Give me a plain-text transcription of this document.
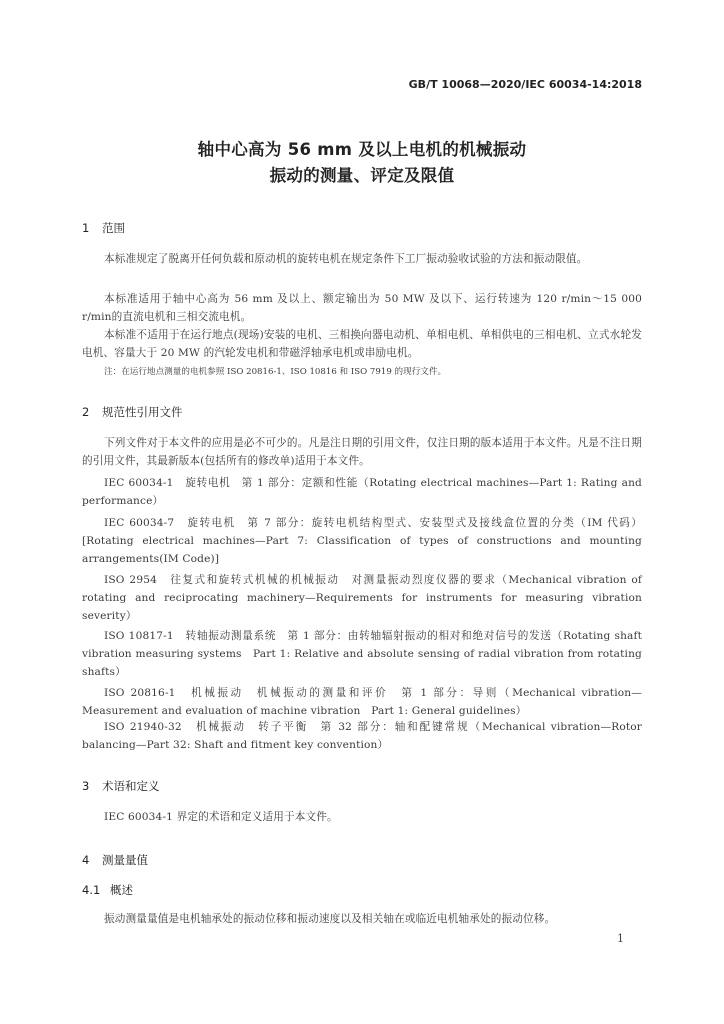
GB/T 10068—2020/IEC 60034-14:2018
轴中心高为 56 mm 及以上电机的机械振动
振动的测量、评定及限值
1 范围
本标准规定了脱离开任何负载和原动机的旋转电机在规定条件下工厂振动验收试验的方法和振动限值。
本标准适用于轴中心高为 56 mm 及以上、额定输出为 50 MW 及以下、运行转速为 120 r/min～15 000 r/min的直流电机和三相交流电机。
本标准不适用于在运行地点(现场)安装的电机、三相换向器电动机、单相电机、单相供电的三相电机、立式水轮发电机、容量大于 20 MW 的汽轮发电机和带磁浮轴承电机或串励电机。
注：在运行地点测量的电机参照 ISO 20816-1、ISO 10816 和 ISO 7919 的现行文件。
2 规范性引用文件
下列文件对于本文件的应用是必不可少的。凡是注日期的引用文件，仅注日期的版本适用于本文件。凡是不注日期的引用文件，其最新版本(包括所有的修改单)适用于本文件。
IEC 60034-1　旋转电机　第 1 部分：定额和性能（Rotating electrical machines—Part 1: Rating and performance）
IEC 60034-7　旋转电机　第 7 部分：旋转电机结构型式、安装型式及接线盒位置的分类（IM 代码）[Rotating electrical machines—Part 7: Classification of types of constructions and mounting arrangements(IM Code)]
ISO 2954　往复式和旋转式机械的机械振动　对测量振动烈度仪器的要求（Mechanical vibration of rotating and reciprocating machinery—Requirements for instruments for measuring vibration severity）
ISO 10817-1　转轴振动测量系统　第 1 部分：由转轴辐射振动的相对和绝对信号的发送（Rotating shaft vibration measuring systems　Part 1: Relative and absolute sensing of radial vibration from rotating shafts）
ISO 20816-1　机械振动　机械振动的测量和评价　第 1 部分：导则（Mechanical vibration—Measurement and evaluation of machine vibration　Part 1: General guidelines）
ISO 21940-32　机械振动　转子平衡　第 32 部分：轴和配键常规（Mechanical vibration—Rotor balancing—Part 32: Shaft and fitment key convention）
3 术语和定义
IEC 60034-1 界定的术语和定义适用于本文件。
4 测量量值
4.1 概述
振动测量量值是电机轴承处的振动位移和振动速度以及相关轴在或临近电机轴承处的振动位移。
1
